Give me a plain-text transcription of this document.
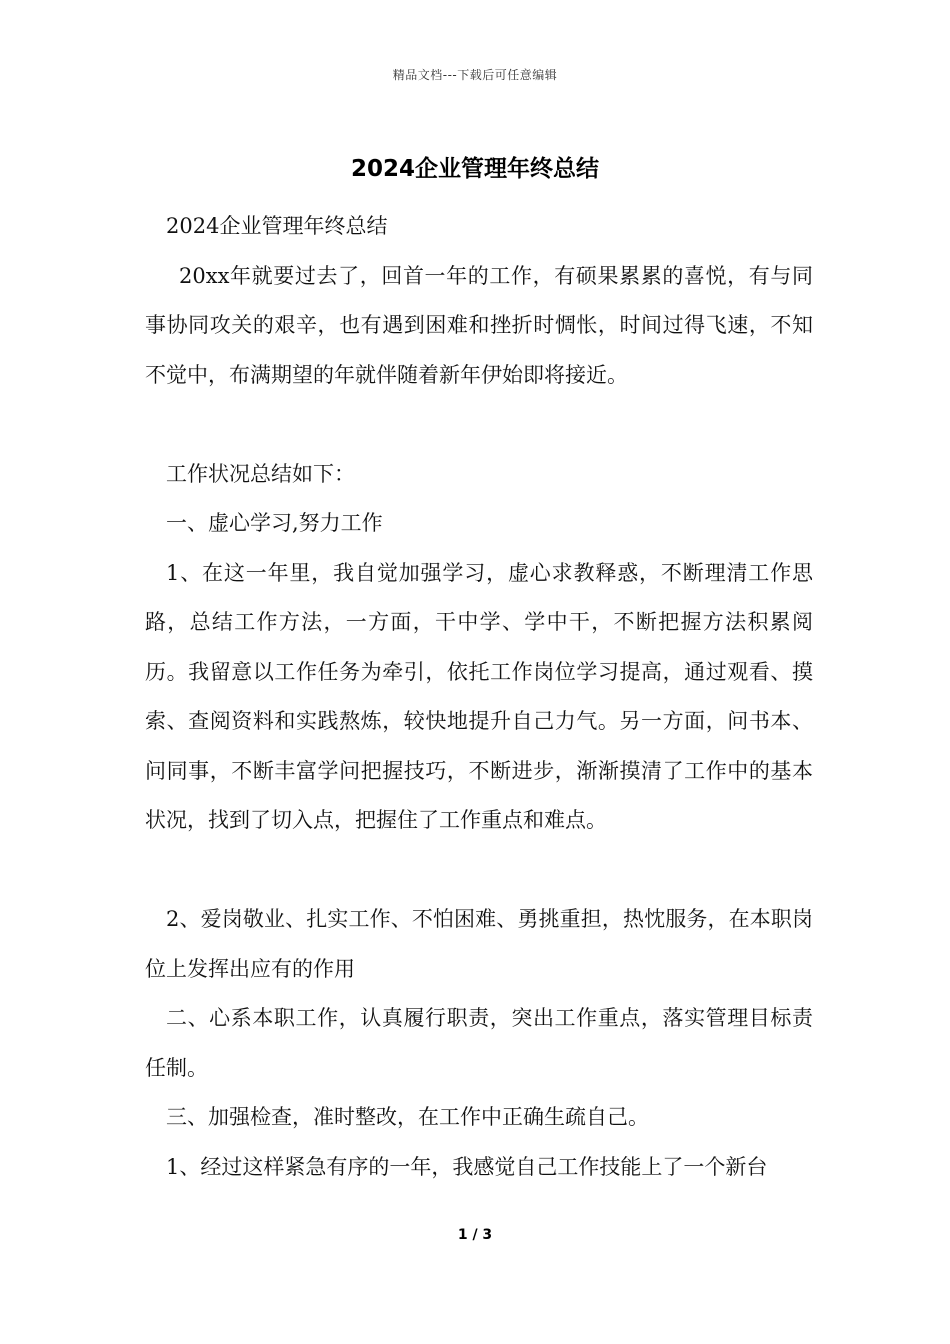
精品文档---下载后可任意编辑
2024企业管理年终总结

2024企业管理年终总结

20xx年就要过去了，回首一年的工作，有硕果累累的喜悦，有与同事协同攻关的艰辛，也有遇到困难和挫折时惆怅，时间过得飞速，不知不觉中，布满期望的年就伴随着新年伊始即将接近。

工作状况总结如下：

一、虚心学习,努力工作

1、在这一年里，我自觉加强学习，虚心求教释惑，不断理清工作思路，总结工作方法，一方面，干中学、学中干，不断把握方法积累阅历。我留意以工作任务为牵引，依托工作岗位学习提高，通过观看、摸索、查阅资料和实践熬炼，较快地提升自己力气。另一方面，问书本、问同事，不断丰富学问把握技巧，不断进步，渐渐摸清了工作中的基本状况，找到了切入点，把握住了工作重点和难点。

2、爱岗敬业、扎实工作、不怕困难、勇挑重担，热忱服务，在本职岗位上发挥出应有的作用

二、心系本职工作，认真履行职责，突出工作重点，落实管理目标责任制。

三、加强检查，准时整改，在工作中正确生疏自己。

1、经过这样紧急有序的一年，我感觉自己工作技能上了一个新台

1 / 3
